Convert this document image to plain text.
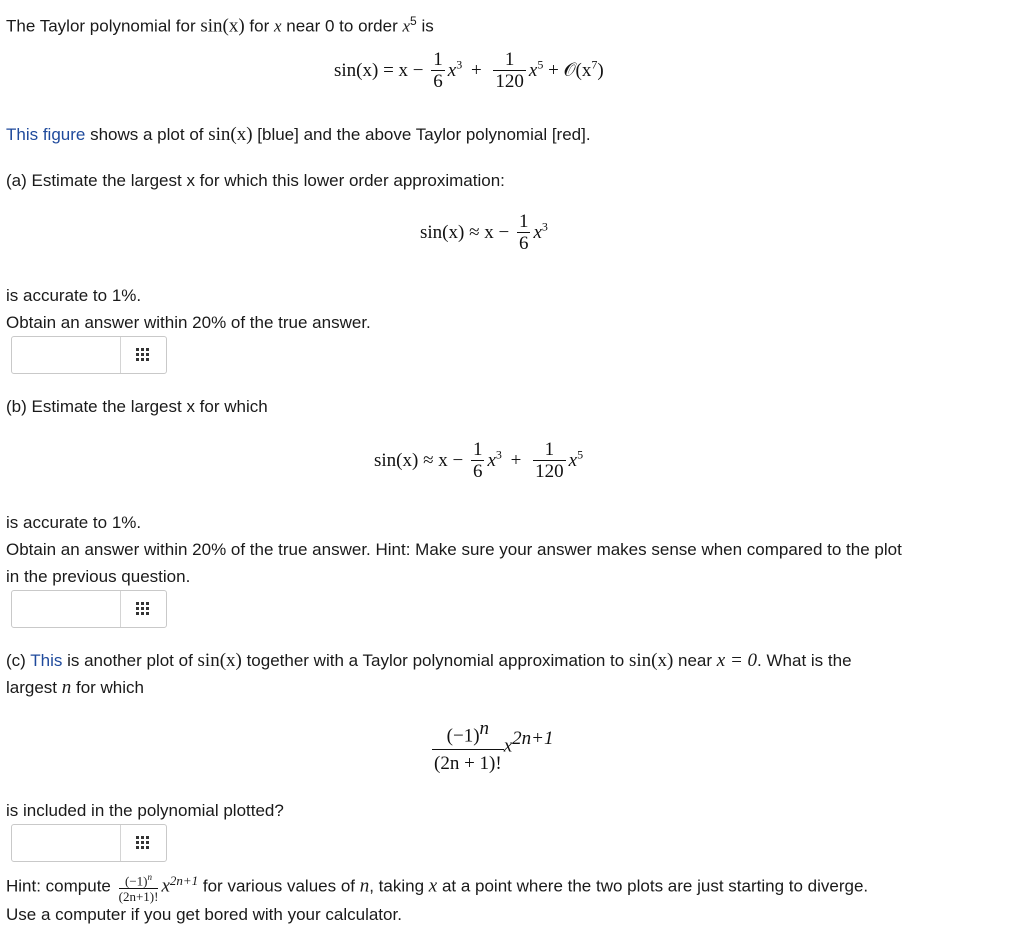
The Taylor polynomial for sin(x) for x near 0 to order $x^5$ is
$\sin(x) = x - \frac{1}{6} x^3 + \frac{1}{120} x^5$ + $𝒪(x^7)$
This figure shows a plot of sin(x) [blue] and the above Taylor polynomial [red].
(a) Estimate the largest x for which this lower order approximation:
$\sin(x) \approx x - \frac{1}{6} x^3$
is accurate to 1%.
Obtain an answer within 20% of the true answer.
(b) Estimate the largest x for which
$\sin(x) \approx x - \frac{1}{6} x^3 + \frac{1}{120} x^5$
is accurate to 1%.
Obtain an answer within 20% of the true answer. Hint: Make sure your answer makes sense when compared to the plot
in the previous question.
(c) This is another plot of sin(x) together with a Taylor polynomial approximation to sin(x) near x = 0. What is the
largest n for which
$\frac{(-1)^n}{(2n + 1)!} x^{2n+1}$
is included in the polynomial plotted?
Hint: compute $\frac{(-1)^n}{(2n+1)!} x^{2n+1}$ for various values of n, taking x at a point where the two plots are just starting to diverge.
Use a computer if you get bored with your calculator.
